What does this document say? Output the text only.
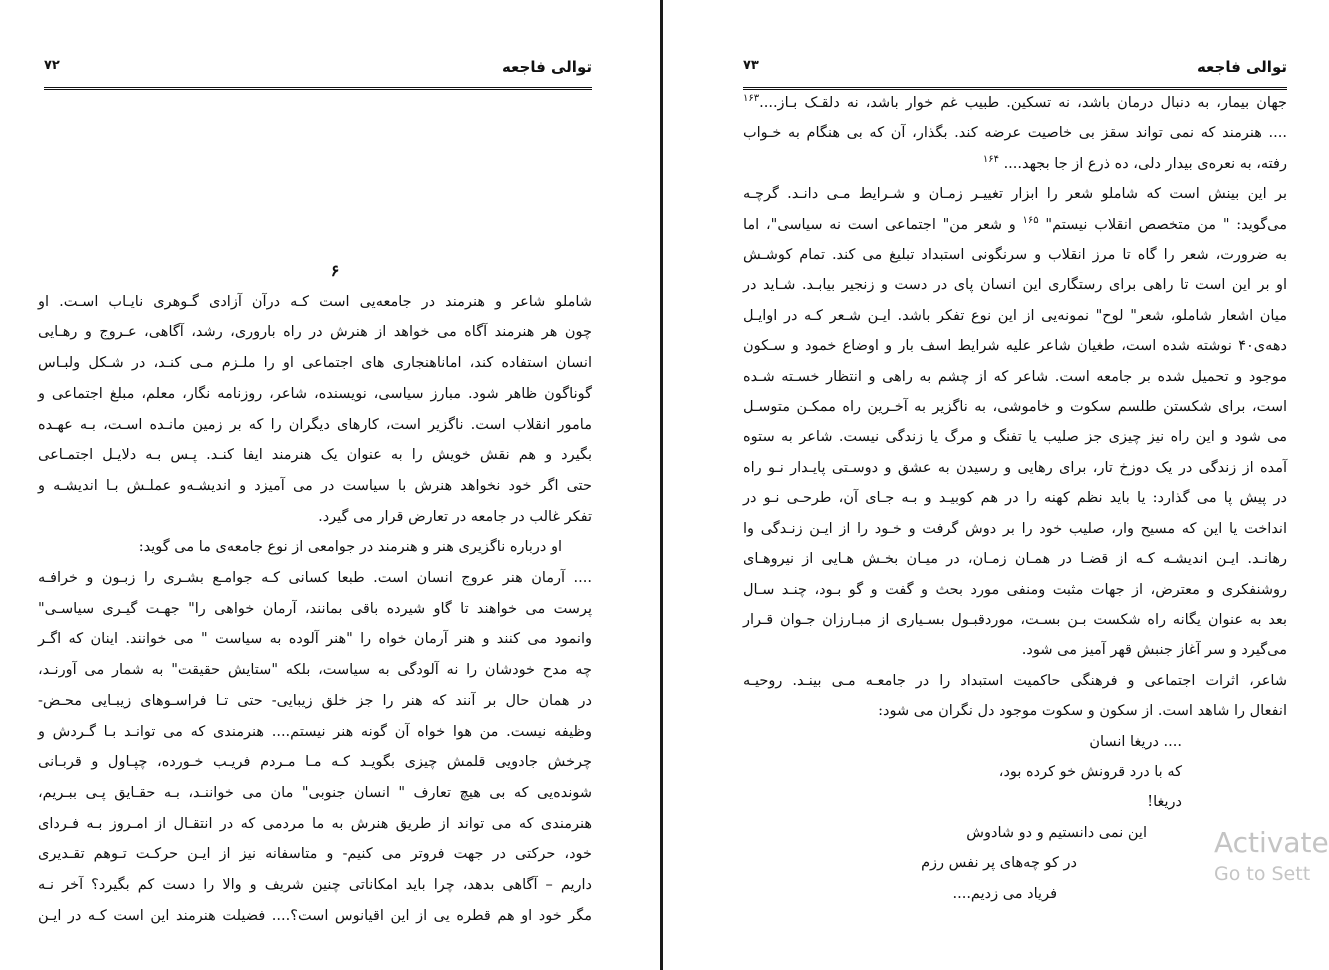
توالی فاجعه
۷۲
۶
شاملو شاعر و هنرمند در جامعه‌یی است کـه درآن آزادی گـوهری نایـاب اسـت. او
چون هر هنرمند آگاه می خواهد از هنرش در راه باروری، رشد، آگاهی، عـروج و رهـایی
انسان استفاده کند، اماناهنجاری های اجتماعی او را ملـزم مـی کنـد، در شـکل ولبـاس
گوناگون ظاهر شود. مبارز سیاسی، نویسنده، شاعر، روزنامه نگار، معلم، مبلغ اجتماعی و
مامور انقلاب است. ناگزیر است، کارهای دیگران را که بر زمین مانـده اسـت، بـه عهـده
بگیرد و هم نقش خویش را به عنوان یک هنرمند ایفا کنـد. پـس بـه دلایـل اجتمـاعی
حتی اگر خود نخواهد هنرش با سیاست در می آمیزد و اندیشـه‌و عملـش بـا اندیشـه و
تفکر غالب در جامعه در تعارض قرار می گیرد.
او درباره ناگزیری هنر و هنرمند در جوامعی از نوع جامعه‌ی ما می گوید:
.... آرمان هنر عروج انسان است. طبعا کسانی کـه جوامـع بشـری را زبـون و خرافـه
پرست می خواهند تا گاو شیرده باقی بمانند، آرمان خواهی را" جهـت گیـری سیاسـی"
وانمود می کنند و هنر آرمان خواه را "هنر آلوده به سیاست " می خوانند. اینان که اگـر
چه مدح خودشان را نه آلودگی به سیاست، بلکه "ستایش حقیقت" به شمار می آورنـد،
در همان حال بر آنند که هنر را جز خلق زیبایی- حتی تـا فراسـوهای زیبـایی محـض-
وظیفه نیست. من هوا خواه آن گونه هنر نیستم.... هنرمندی که می توانـد بـا گـردش و
چرخش جادویی قلمش چیزی بگویـد کـه مـا مـردم فریـب خـورده، چپـاول و قربـانی
شونده‌یی که بی هیچ تعارف " انسان جنوبی" مان می خواننـد، بـه حقـایق پـی ببـریم،
هنرمندی که می تواند از طریق هنرش به ما مردمی که در انتقـال از امـروز بـه فـردای
خود، حرکتی در جهت فروتر می کنیم- و متاسفانه نیز از ایـن حرکـت تـوهم تقـدیری
داریم – آگاهی بدهد، چرا باید امکاناتی چنین شریف و والا را دست کم بگیرد؟ آخر نـه
مگر خود او هم قطره یی از این اقیانوس است؟.... فضیلت هنرمند این است کـه در ایـن
توالی فاجعه
۷۳
جهان بیمار، به دنبال درمان باشد، نه تسکین. طبیب غم خوار باشد، نه دلقـک بـاز....$^{۱۶۳}$
.... هنرمند که نمی تواند سقز بی خاصیت عرضه کند. بگذار، آن که بی هنگام به خـواب
رفته، به نعره‌ی بیدار دلی، ده ذرع از جا بجهد.... $^{۱۶۴}$
بر این بینش است که شاملو شعر را ابزار تغییـر زمـان و شـرایط مـی دانـد. گرچـه
می‌گوید: " من متخصص انقلاب نیستم" $^{۱۶۵}$ و شعر من" اجتماعی است نه سیاسی"، اما
به ضرورت، شعر را گاه تا مرز انقلاب و سرنگونی استبداد تبلیغ می کند. تمام کوشـش
او بر این است تا راهی برای رستگاری این انسان پای در دست و زنجیر بیابـد. شـاید در
میان اشعار شاملو، شعر" لوح" نمونه‌یی از این نوع تفکر باشد. ایـن شـعر کـه در اوایـل
دهه‌ی۴۰ نوشته شده است، طغیان شاعر علیه شرایط اسف بار و اوضاع خمود و سـکون
موجود و تحمیل شده بر جامعه است. شاعر که از چشم به راهی و انتظار خسـته شـده
است، برای شکستن طلسم سکوت و خاموشی، به ناگزیر به آخـرین راه ممکـن متوسـل
می شود و این راه نیز چیزی جز صلیب یا تفنگ و مرگ یا زندگی نیست. شاعر به ستوه
آمده از زندگی در یک دوزخ تار، برای رهایی و رسیدن به عشق و دوسـتی پایـدار نـو راه
در پیش پا می گذارد: یا باید نظم کهنه را در هم کوبیـد و بـه جـای آن، طرحـی نـو در
انداخت یا این که مسیح وار، صلیب خود را بر دوش گرفت و خـود را از ایـن زنـدگی وا
رهانـد. ایـن اندیشـه کـه از قضـا در همـان زمـان، در میـان بخـش هـایی از نیروهـای
روشنفکری و معترض، از جهات مثبت ومنفی مورد بحث و گفت و گو بـود، چنـد سـال
بعد به عنوان یگانه راه شکست بـن بسـت، موردقبـول بسـیاری از مبـارزان جـوان قـرار
می‌گیرد و سر آغاز جنبش قهر آمیز می شود.
شاعر، اثرات اجتماعی و فرهنگی حاکمیت استبداد را در جامعـه مـی بینـد. روحیـه
انفعال را شاهد است. از سکون و سکوت موجود دل نگران می شود:
.... دریغا انسان
که با درد قرونش خو کرده بود،
دریغا!
این نمی دانستیم و دو شادوش
در کو چه‌های پر نفس رزم
فریاد می زدیم....
Activate
Go to Sett
